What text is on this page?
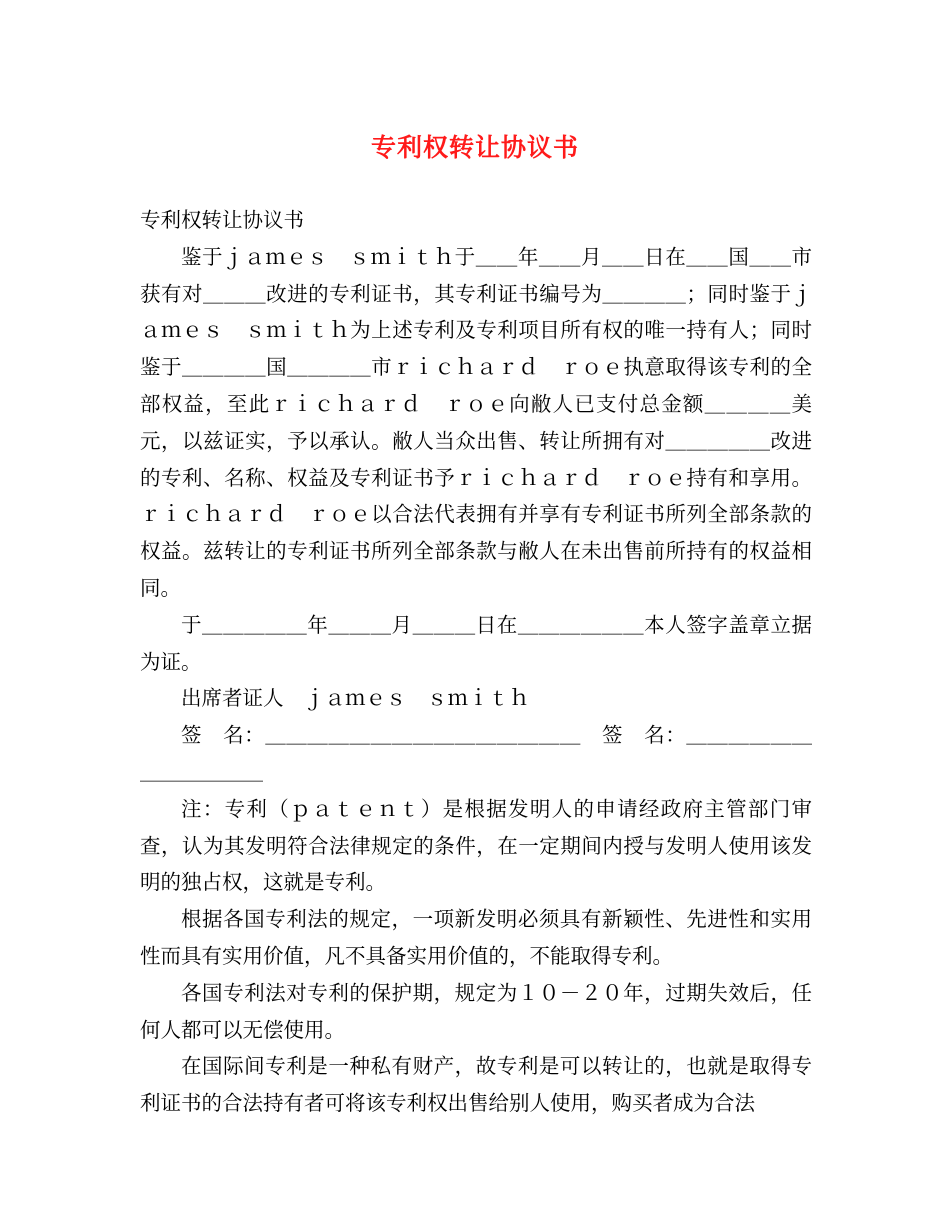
专利权转让协议书

专利权转让协议书

鉴于ｊａｍｅｓ　ｓｍｉｔｈ于＿＿年＿＿月＿＿日在＿＿国＿＿市获有对＿＿＿改进的专利证书，其专利证书编号为＿＿＿＿；同时鉴于ｊａｍｅｓ　ｓｍｉｔｈ为上述专利及专利项目所有权的唯一持有人；同时鉴于＿＿＿＿国＿＿＿＿市ｒｉｃｈａｒｄ　ｒｏｅ执意取得该专利的全部权益，至此ｒｉｃｈａｒｄ　ｒｏｅ向敝人已支付总金额＿＿＿＿美元，以兹证实，予以承认。敝人当众出售、转让所拥有对＿＿＿＿＿改进的专利、名称、权益及专利证书予ｒｉｃｈａｒｄ　ｒｏｅ持有和享用。ｒｉｃｈａｒｄ　ｒｏｅ以合法代表拥有并享有专利证书所列全部条款的权益。兹转让的专利证书所列全部条款与敝人在未出售前所持有的权益相同。

于＿＿＿＿＿年＿＿＿月＿＿＿日在＿＿＿＿＿＿本人签字盖章立据为证。

出席者证人　ｊａｍｅｓ　ｓｍｉｔｈ

签　名：＿＿＿＿＿＿＿＿＿＿＿＿＿＿＿　签　名：＿＿＿＿＿＿＿＿＿＿＿＿

注：专利（ｐａｔｅｎｔ）是根据发明人的申请经政府主管部门审查，认为其发明符合法律规定的条件，在一定期间内授与发明人使用该发明的独占权，这就是专利。

根据各国专利法的规定，一项新发明必须具有新颖性、先进性和实用性而具有实用价值，凡不具备实用价值的，不能取得专利。

各国专利法对专利的保护期，规定为１０－２０年，过期失效后，任何人都可以无偿使用。

在国际间专利是一种私有财产，故专利是可以转让的，也就是取得专利证书的合法持有者可将该专利权出售给别人使用，购买者成为合法
